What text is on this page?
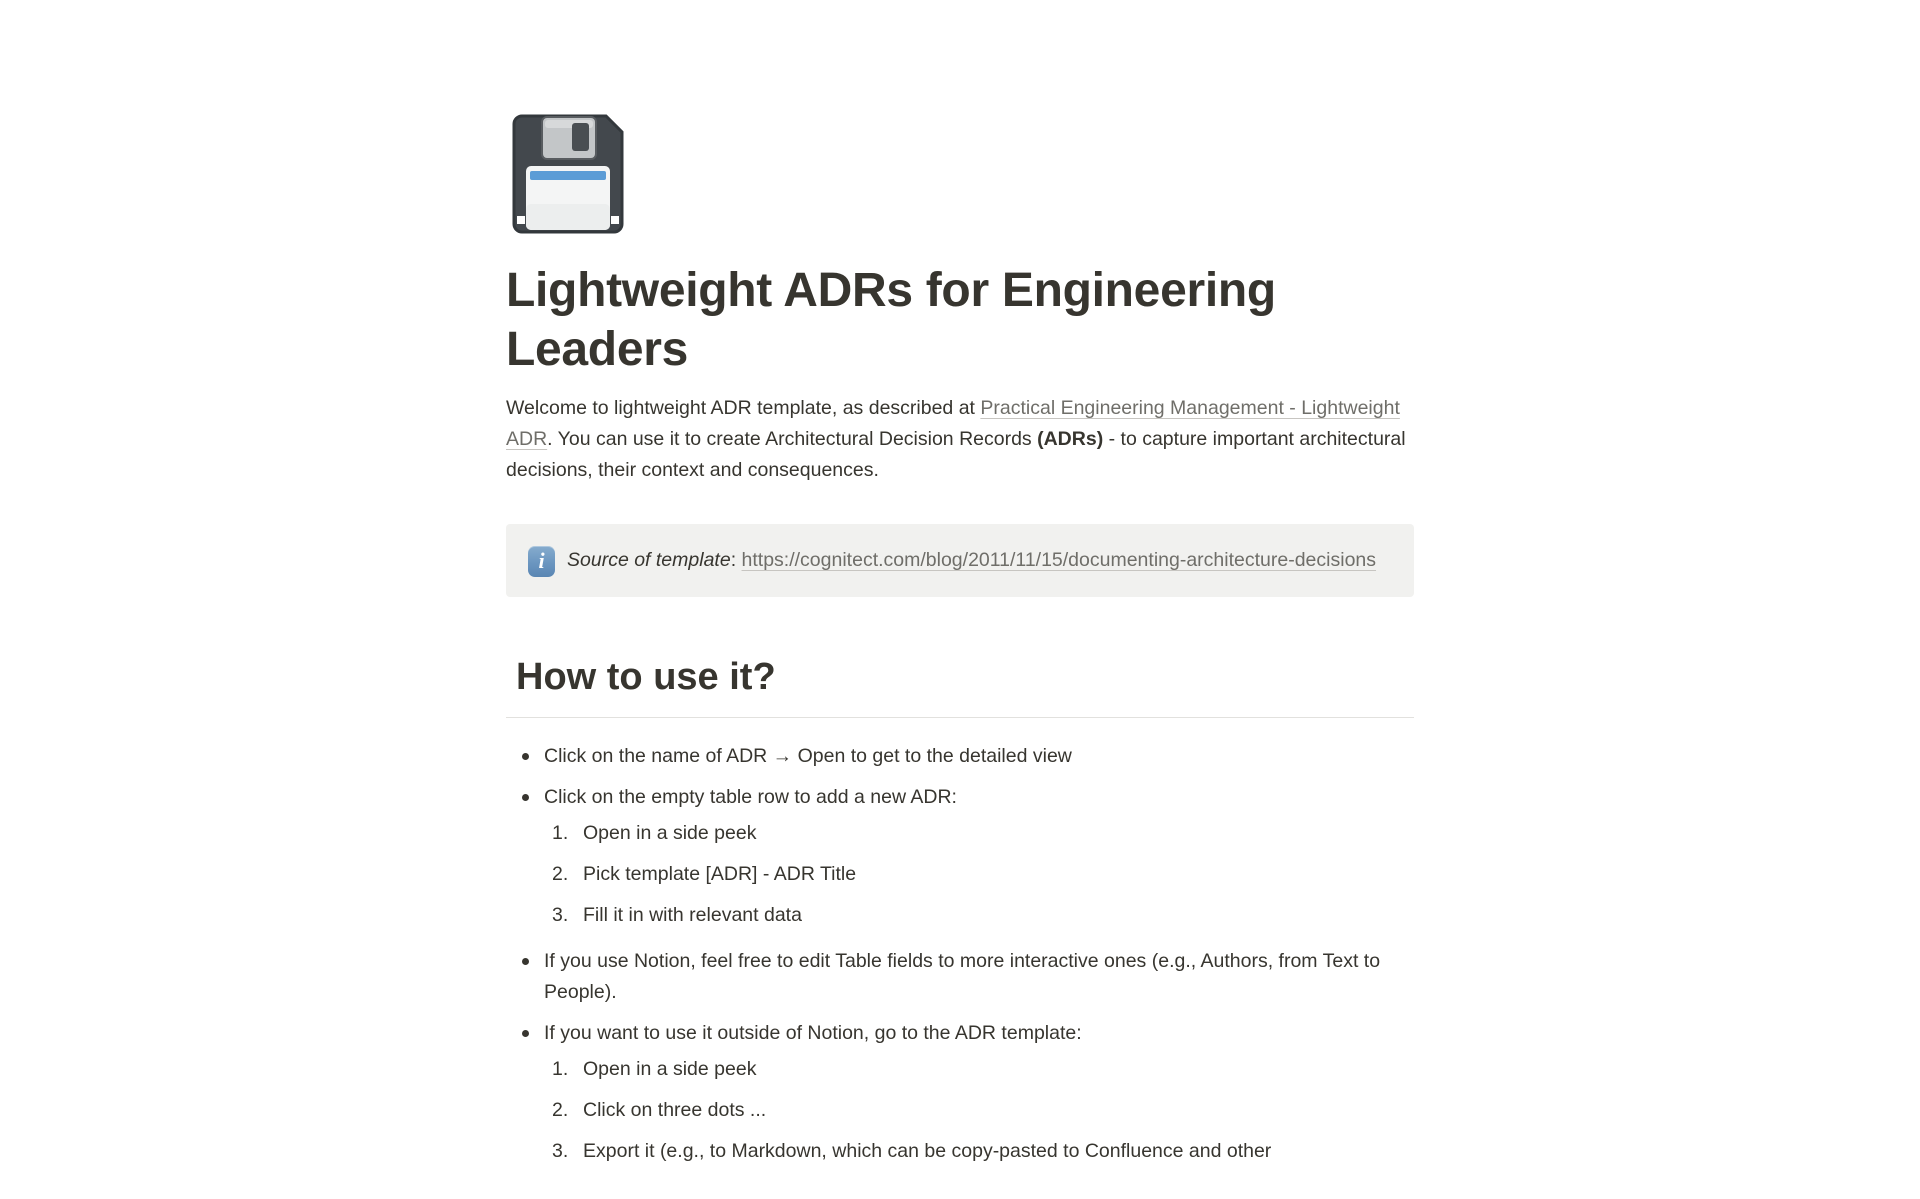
Lightweight ADRs for Engineering Leaders

Welcome to lightweight ADR template, as described at Practical Engineering Management - Lightweight ADR. You can use it to create Architectural Decision Records (ADRs) - to capture important architectural decisions, their context and consequences.

i Source of template: https://cognitect.com/blog/2011/11/15/documenting-architecture-decisions
How to use it?
Click on the name of ADR → Open to get to the detailed view
Click on the empty table row to add a new ADR:
Open in a side peek
Pick template [ADR] - ADR Title
Fill it in with relevant data
If you use Notion, feel free to edit Table fields to more interactive ones (e.g., Authors, from Text to People).
If you want to use it outside of Notion, go to the ADR template:
Open in a side peek
Click on three dots ...
Export it (e.g., to Markdown, which can be copy-pasted to Confluence and other
